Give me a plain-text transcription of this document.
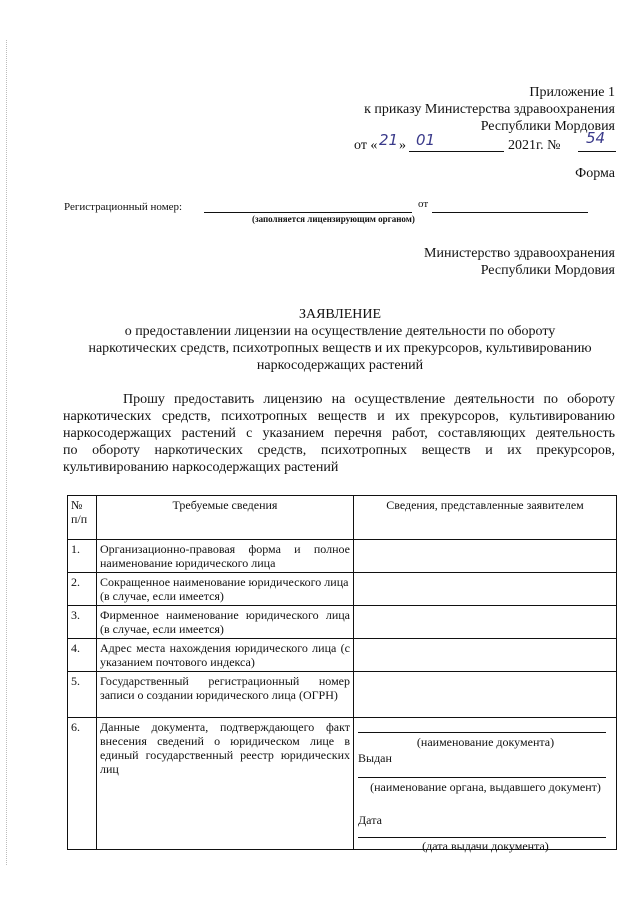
Приложение 1
к приказу Министерства здравоохранения
Республики Мордовия
от « 21 » 01	2021г. № 54
Форма
Регистрационный номер:	от
(заполняется лицензирующим органом)
Министерство здравоохранения
Республики Мордовия
ЗАЯВЛЕНИЕ
о предоставлении лицензии на осуществление деятельности по обороту
наркотических средств, психотропных веществ и их прекурсоров, культивированию
наркосодержащих растений
Прошу предоставить лицензию на осуществление деятельности по обороту
наркотических средств, психотропных веществ и их прекурсоров, культивированию
наркосодержащих растений с указанием перечня работ, составляющих деятельность
по обороту наркотических средств, психотропных веществ и их прекурсоров,
культивированию наркосодержащих растений
№ п/п	Требуемые сведения	Сведения, представленные заявителем
1.	Организационно-правовая форма и полное наименование юридического лица	
2.	Сокращенное наименование юридического лица (в случае, если имеется)	
3.	Фирменное наименование юридического лица (в случае, если имеется)	
4.	Адрес места нахождения юридического лица (с указанием почтового индекса)	
5.	Государственный регистрационный номер записи о создании юридического лица (ОГРН)	
6.	Данные документа, подтверждающего факт внесения сведений о юридическом лице в единый государственный реестр юридических лиц	(наименование документа)
Выдан
(наименование органа, выдавшего документ)
Дата
(дата выдачи документа)
